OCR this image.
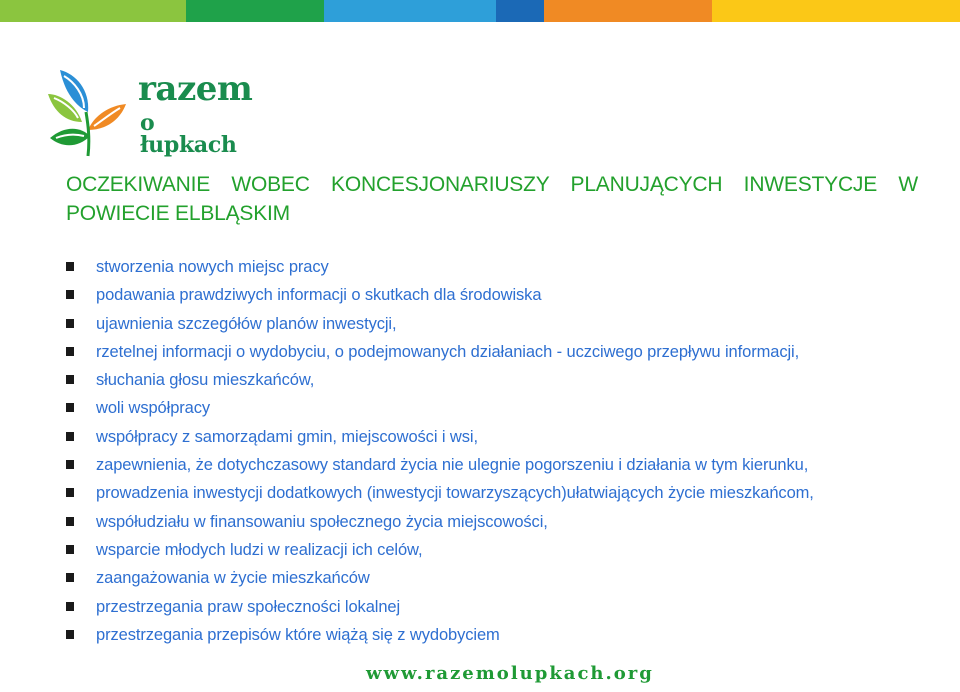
razem
o łupkach
OCZEKIWANIE WOBEC KONCESJONARIUSZY PLANUJĄCYCH INWESTYCJE W POWIECIE ELBLĄSKIM
stworzenia nowych miejsc pracy
podawania prawdziwych informacji o skutkach dla środowiska
ujawnienia szczegółów planów inwestycji,
rzetelnej informacji o wydobyciu, o podejmowanych działaniach - uczciwego przepływu informacji,
słuchania głosu mieszkańców,
woli współpracy
współpracy z samorządami gmin, miejscowości i wsi,
zapewnienia, że dotychczasowy standard życia nie ulegnie pogorszeniu i działania w tym kierunku,
prowadzenia inwestycji dodatkowych (inwestycji towarzyszących)ułatwiających życie mieszkańcom,
współudziału w finansowaniu społecznego życia miejscowości,
wsparcie młodych ludzi w realizacji ich celów,
zaangażowania w życie mieszkańców
przestrzegania praw społeczności lokalnej
przestrzegania przepisów które wiążą się z wydobyciem
www.razemolupkach.org
